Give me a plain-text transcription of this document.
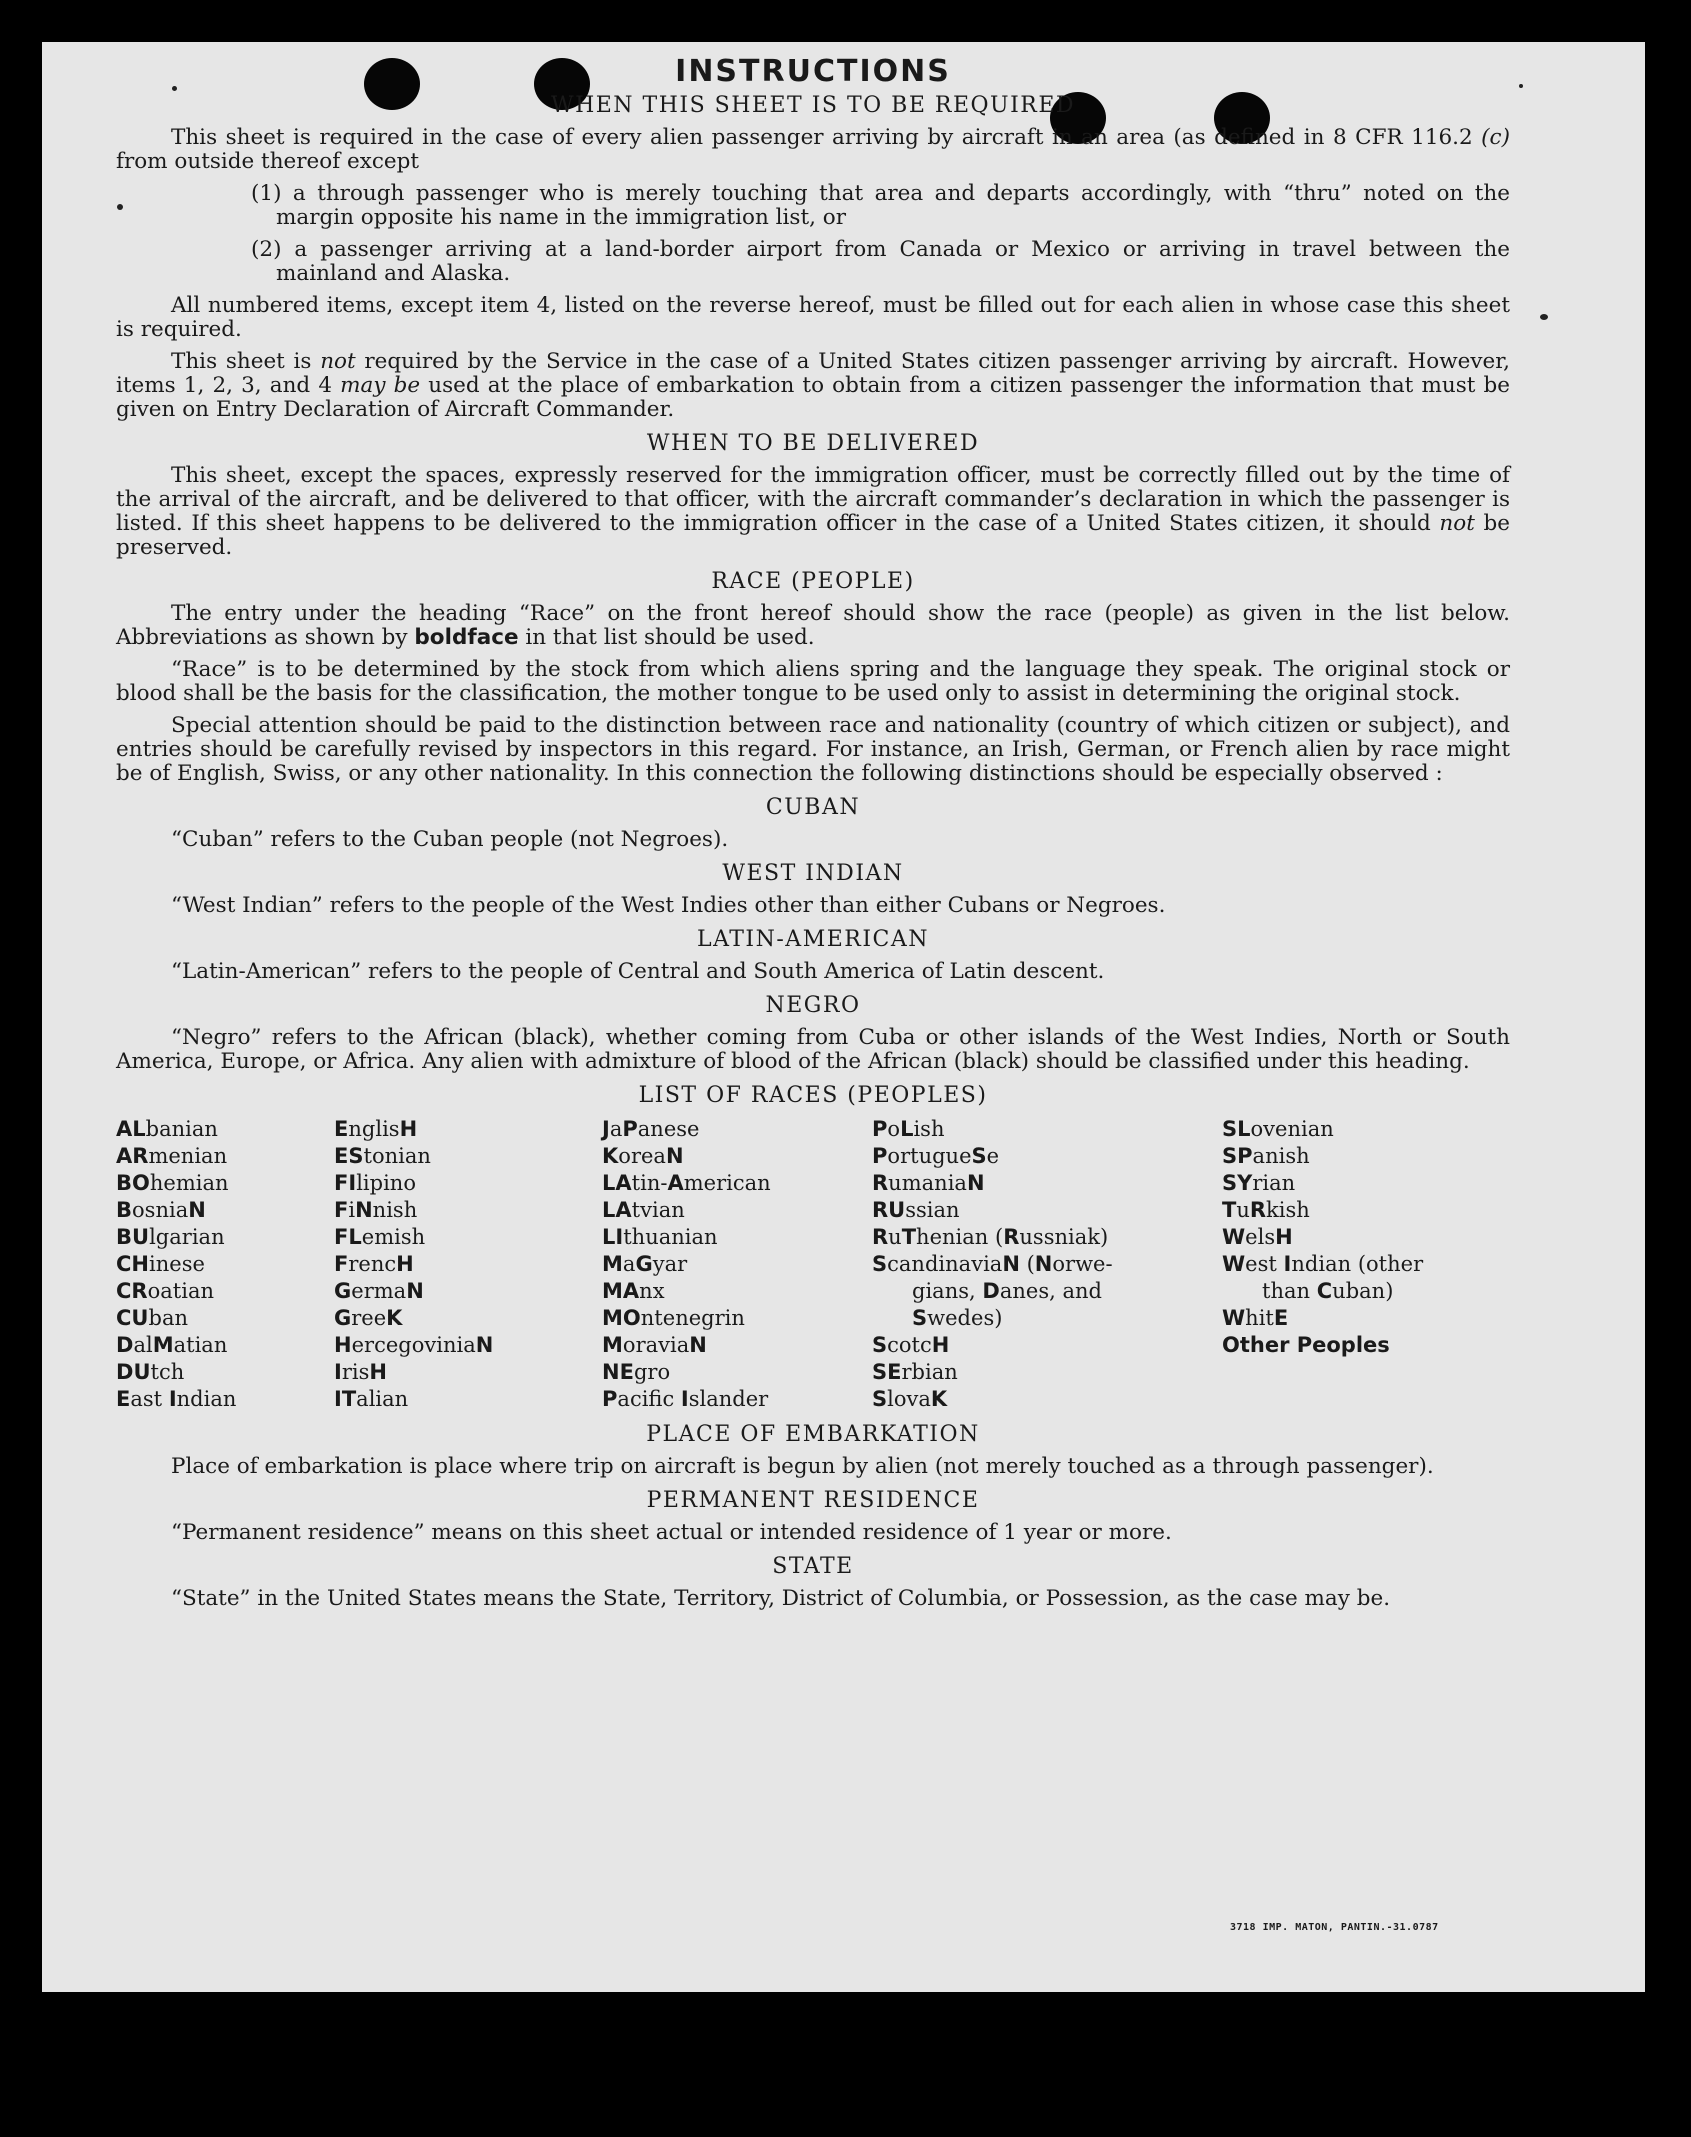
INSTRUCTIONS
WHEN THIS SHEET IS TO BE REQUIRED

This sheet is required in the case of every alien passenger arriving by aircraft in an area (as defined in 8 CFR 116.2 (c) from outside thereof except

(1) a through passenger who is merely touching that area and departs accordingly, with “thru” noted on the margin opposite his name in the immigration list, or

(2) a passenger arriving at a land-border airport from Canada or Mexico or arriving in travel between the mainland and Alaska.

All numbered items, except item 4, listed on the reverse hereof, must be filled out for each alien in whose case this sheet is required.

This sheet is not required by the Service in the case of a United States citizen passenger arriving by aircraft. However, items 1, 2, 3, and 4 may be used at the place of embarkation to obtain from a citizen passenger the information that must be given on Entry Declaration of Aircraft Commander.

WHEN TO BE DELIVERED

This sheet, except the spaces, expressly reserved for the immigration officer, must be correctly filled out by the time of the arrival of the aircraft, and be delivered to that officer, with the aircraft commander’s declaration in which the passenger is listed. If this sheet happens to be delivered to the immigration officer in the case of a United States citizen, it should not be preserved.

RACE (PEOPLE)

The entry under the heading “Race” on the front hereof should show the race (people) as given in the list below. Abbreviations as shown by boldface in that list should be used.

“Race” is to be determined by the stock from which aliens spring and the language they speak. The original stock or blood shall be the basis for the classification, the mother tongue to be used only to assist in determining the original stock.

Special attention should be paid to the distinction between race and nationality (country of which citizen or subject), and entries should be carefully revised by inspectors in this regard. For instance, an Irish, German, or French alien by race might be of English, Swiss, or any other nationality. In this connection the following distinctions should be especially observed :

CUBAN

“Cuban” refers to the Cuban people (not Negroes).

WEST INDIAN

“West Indian” refers to the people of the West Indies other than either Cubans or Negroes.

LATIN-AMERICAN

“Latin-American” refers to the people of Central and South America of Latin descent.

NEGRO

“Negro” refers to the African (black), whether coming from Cuba or other islands of the West Indies, North or South America, Europe, or Africa. Any alien with admixture of blood of the African (black) should be classified under this heading.

LIST OF RACES (PEOPLES)
ALbanian
ARmenian
BOhemian
BosniaN
BUlgarian
CHinese
CRoatian
CUban
DalMatian
DUtch
East Indian
EnglisH
EStonian
FIlipino
FiNnish
FLemish
FrencH
GermaN
GreeK
HercegoviniaN
IrisH
ITalian
JaPanese
KoreaN
LAtin-American
LAtvian
LIthuanian
MaGyar
MAnx
MOntenegrin
MoraviaN
NEgro
Pacifc Islander
PoLish
PortugueSe
RumaniaN
RUssian
RuThenian (Russniak)
ScandinaviaN (Norwe-
gians, Danes, and
Swedes)
ScotcH
SErbian
SlovaK
SLovenian
SPanish
SYrian
TuRkish
WelsH
West Indian (other
than Cuban)
WhitE
Other Peoples
PLACE OF EMBARKATION

Place of embarkation is place where trip on aircraft is begun by alien (not merely touched as a through passenger).

PERMANENT RESIDENCE

“Permanent residence” means on this sheet actual or intended residence of 1 year or more.

STATE

“State” in the United States means the State, Territory, District of Columbia, or Possession, as the case may be.

3718 IMP. MATON, PANTIN.-31.0787
